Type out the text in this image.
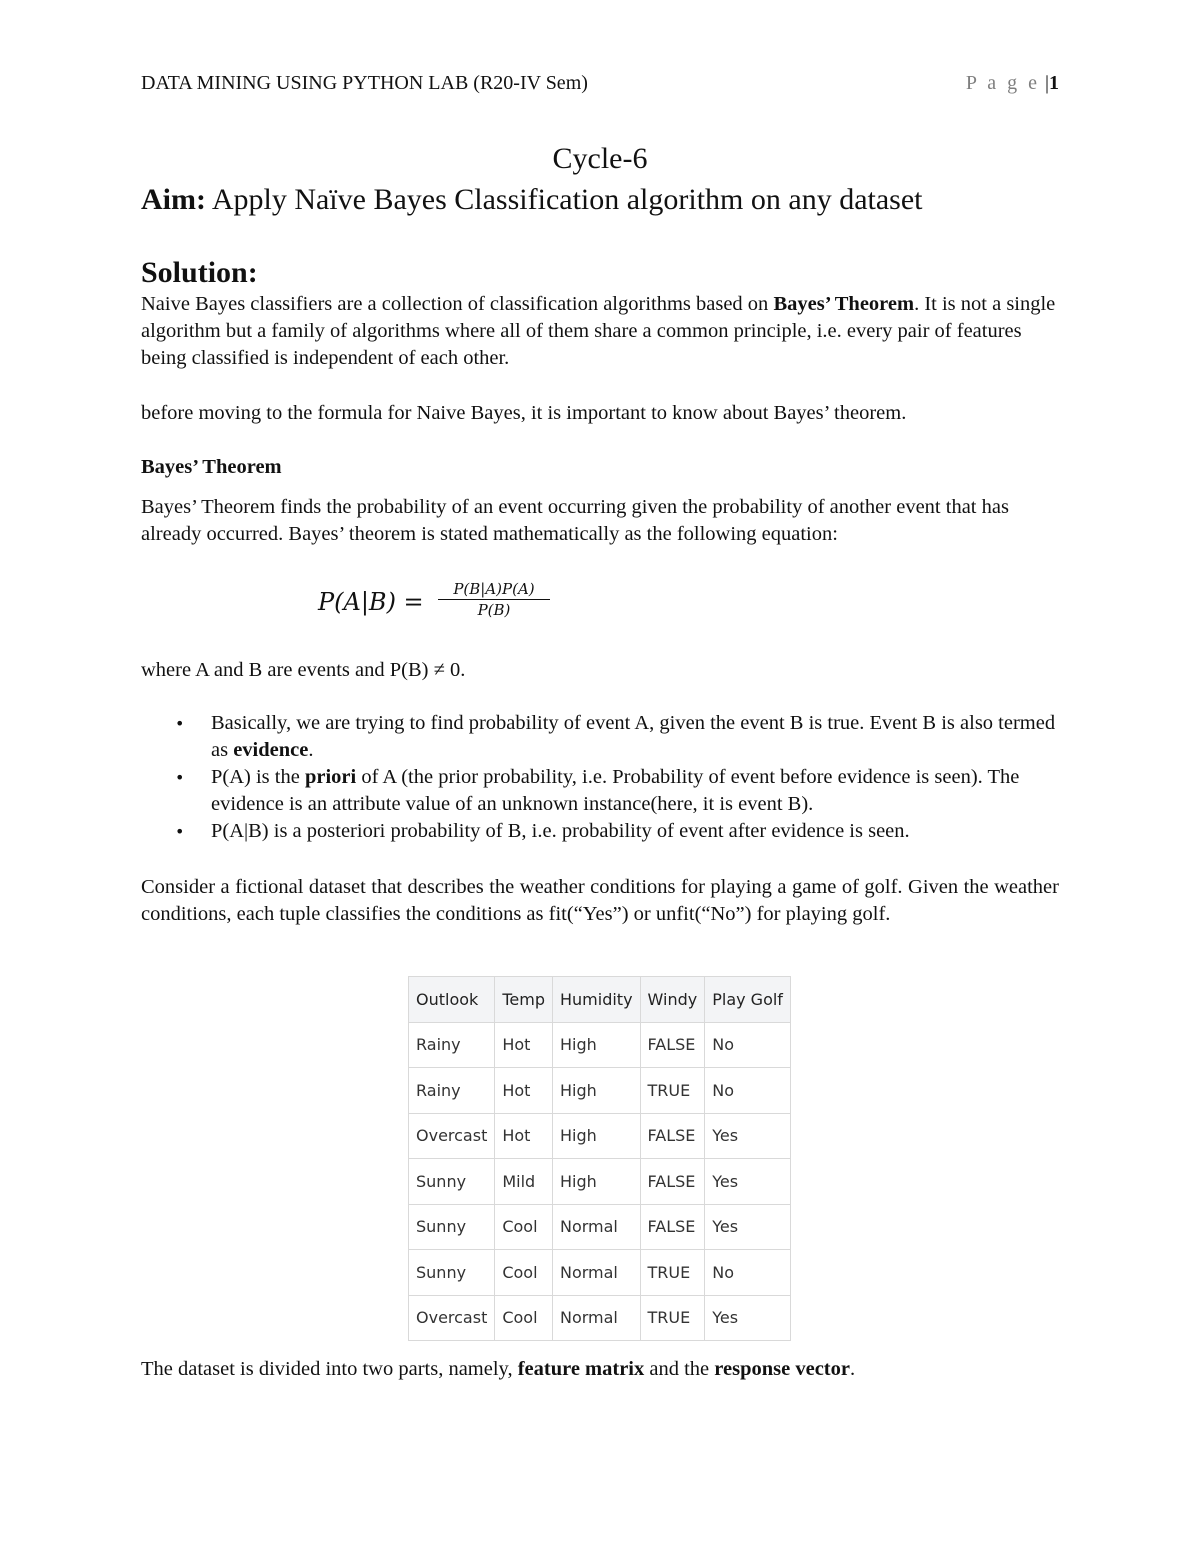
DATA MINING USING PYTHON LAB (R20-IV Sem)	P a g e |1
Cycle-6
Aim: Apply Naïve Bayes Classification algorithm on any dataset
Solution:
Naive Bayes classifiers are a collection of classification algorithms based on Bayes’ Theorem. It is not a single algorithm but a family of algorithms where all of them share a common principle, i.e. every pair of features being classified is independent of each other.
before moving to the formula for Naive Bayes, it is important to know about Bayes’ theorem.
Bayes’ Theorem
Bayes’ Theorem finds the probability of an event occurring given the probability of another event that has already occurred. Bayes’ theorem is stated mathematically as the following equation:
P(A|B) =	P(B|A)P(A)
P(B)
where A and B are events and P(B) ≠ 0.
• Basically, we are trying to find probability of event A, given the event B is true. Event B is also termed as evidence.
• P(A) is the priori of A (the prior probability, i.e. Probability of event before evidence is seen). The evidence is an attribute value of an unknown instance(here, it is event B).
• P(A|B) is a posteriori probability of B, i.e. probability of event after evidence is seen.
Consider a fictional dataset that describes the weather conditions for playing a game of golf. Given the weather conditions, each tuple classifies the conditions as fit(“Yes”) or unfit(“No”) for playing golf.
Outlook	Temp	Humidity	Windy	Play Golf
Rainy	Hot	High	FALSE	No
Rainy	Hot	High	TRUE	No
Overcast	Hot	High	FALSE	Yes
Sunny	Mild	High	FALSE	Yes
Sunny	Cool	Normal	FALSE	Yes
Sunny	Cool	Normal	TRUE	No
Overcast	Cool	Normal	TRUE	Yes
The dataset is divided into two parts, namely, feature matrix and the response vector.
